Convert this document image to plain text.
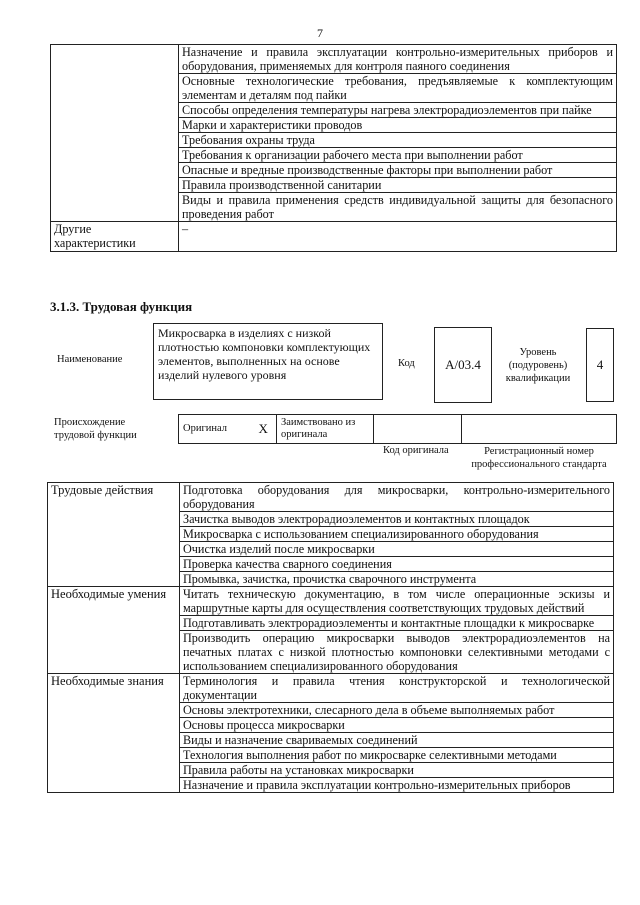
7
	Назначение и правила эксплуатации контрольно-измерительных приборов и оборудования, применяемых для контроля паяного соединения
	Основные технологические требования, предъявляемые к комплектующим элементам и деталям под пайки
	Способы определения температуры нагрева электрорадиоэлементов при пайке
	Марки и характеристики проводов
	Требования охраны труда
	Требования к организации рабочего места при выполнении работ
	Опасные и вредные производственные факторы при выполнении работ
	Правила производственной санитарии
	Виды и правила применения средств индивидуальной защиты для безопасного проведения работ
Другие характеристики	–
3.1.3. Трудовая функция
Наименование
Микросварка в изделиях с низкой плотностью компоновки комплектующих элементов, выполненных на основе изделий нулевого уровня
Код	A/03.4
Уровень (подуровень) квалификации
4
Происхождение трудовой функции
Оригинал	X	Заимствовано из оригинала		
Код оригинала	Регистрационный номер профессионального стандарта
Трудовые действия	Подготовка оборудования для микросварки, контрольно-измерительного оборудования
	Зачистка выводов электрорадиоэлементов и контактных площадок
	Микросварка с использованием специализированного оборудования
	Очистка изделий после микросварки
	Проверка качества сварного соединения
	Промывка, зачистка, прочистка сварочного инструмента
Необходимые умения	Читать техническую документацию, в том числе операционные эскизы и маршрутные карты для осуществления соответствующих трудовых действий
	Подготавливать электрорадиоэлементы и контактные площадки к микросварке
	Производить операцию микросварки выводов электрорадиоэлементов на печатных платах с низкой плотностью компоновки селективными методами с использованием специализированного оборудования
Необходимые знания	Терминология и правила чтения конструкторской и технологической документации
	Основы электротехники, слесарного дела в объеме выполняемых работ
	Основы процесса микросварки
	Виды и назначение свариваемых соединений
	Технология выполнения работ по микросварке селективными методами
	Правила работы на установках микросварки
	Назначение и правила эксплуатации контрольно-измерительных приборов
